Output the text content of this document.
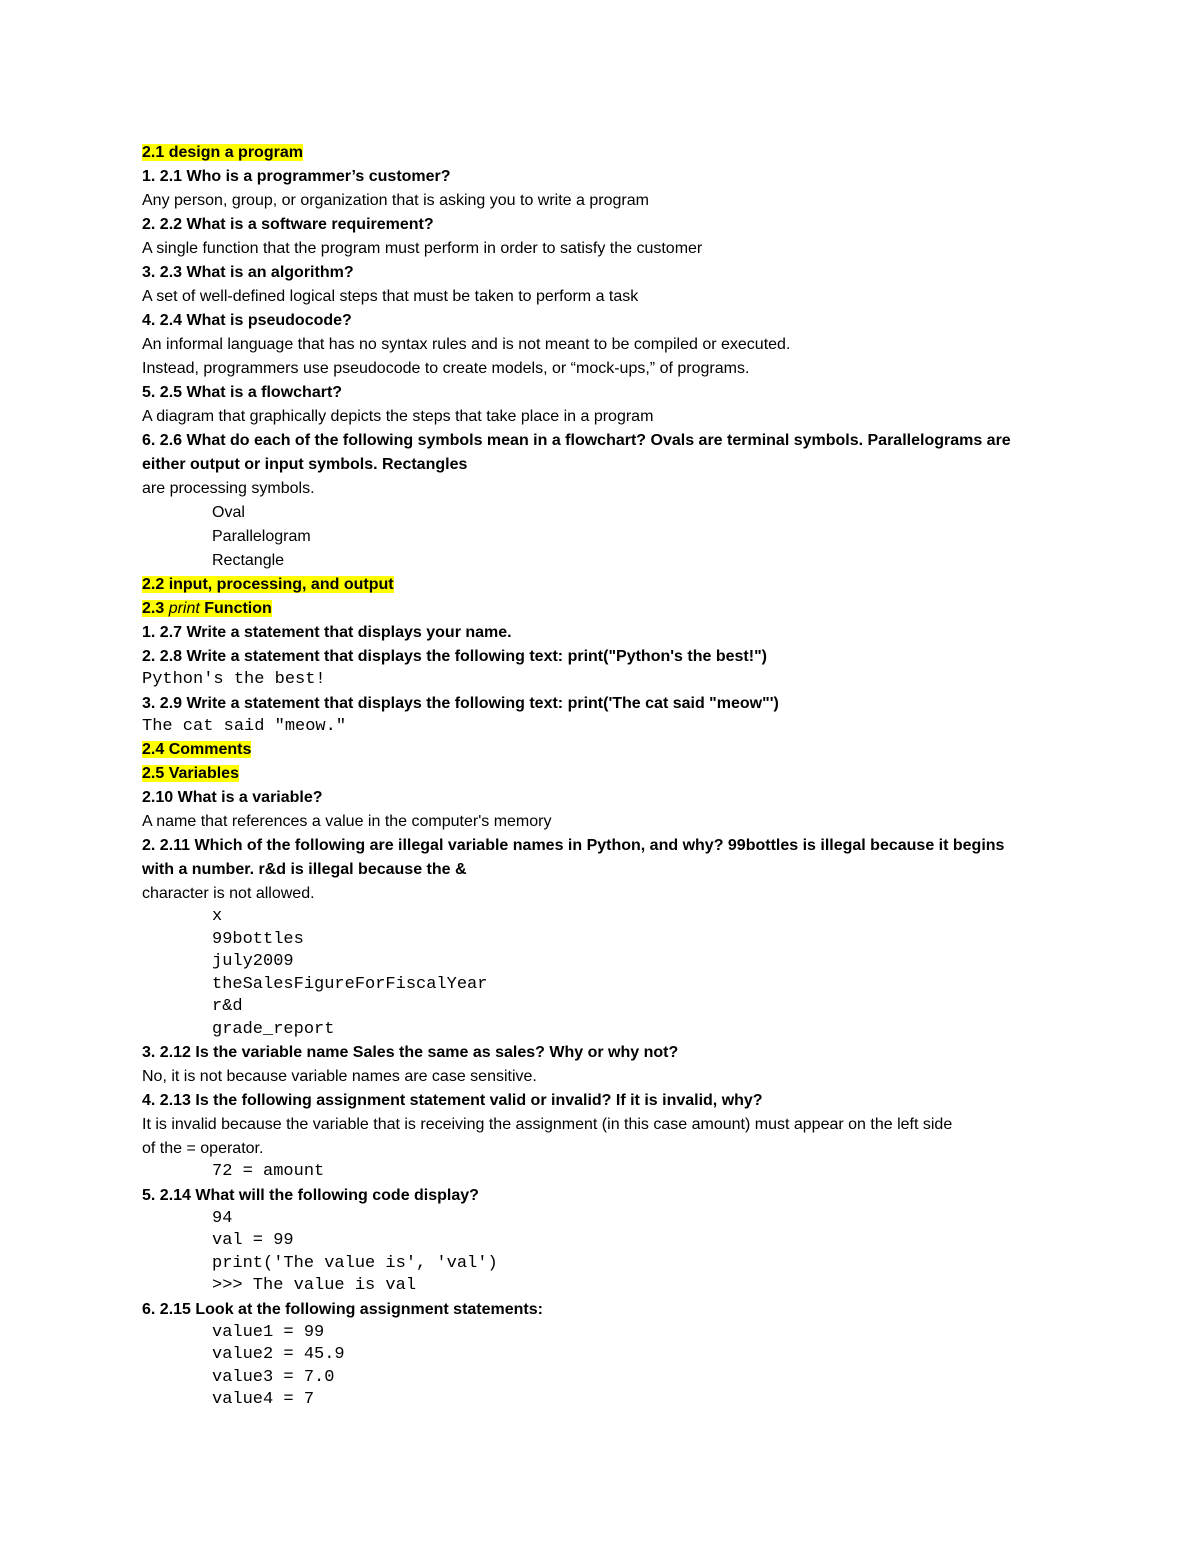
2.1 design a program
1. 2.1 Who is a programmer’s customer?
Any person, group, or organization that is asking you to write a program
2. 2.2 What is a software requirement?
A single function that the program must perform in order to satisfy the customer
3. 2.3 What is an algorithm?
A set of well-defined logical steps that must be taken to perform a task
4. 2.4 What is pseudocode?
An informal language that has no syntax rules and is not meant to be compiled or executed.
Instead, programmers use pseudocode to create models, or “mock-ups,” of programs.
5. 2.5 What is a flowchart?
A diagram that graphically depicts the steps that take place in a program
6. 2.6 What do each of the following symbols mean in a flowchart? Ovals are terminal symbols. Parallelograms are
either output or input symbols. Rectangles
are processing symbols.
Oval
Parallelogram
Rectangle
2.2 input, processing, and output
2.3 print Function
1. 2.7 Write a statement that displays your name.
2. 2.8 Write a statement that displays the following text: print("Python's the best!")
Python's the best!
3. 2.9 Write a statement that displays the following text: print('The cat said "meow"')
The cat said "meow."
2.4 Comments
2.5 Variables
2.10 What is a variable?
A name that references a value in the computer's memory
2. 2.11 Which of the following are illegal variable names in Python, and why? 99bottles is illegal because it begins
with a number. r&d is illegal because the &
character is not allowed.
x
99bottles
july2009
theSalesFigureForFiscalYear
r&d
grade_report
3. 2.12 Is the variable name Sales the same as sales? Why or why not?
No, it is not because variable names are case sensitive.
4. 2.13 Is the following assignment statement valid or invalid? If it is invalid, why?
It is invalid because the variable that is receiving the assignment (in this case amount) must appear on the left side
of the = operator.
72 = amount
5. 2.14 What will the following code display?
94
val = 99
print('The value is', 'val')
>>> The value is val
6. 2.15 Look at the following assignment statements:
value1 = 99
value2 = 45.9
value3 = 7.0
value4 = 7
